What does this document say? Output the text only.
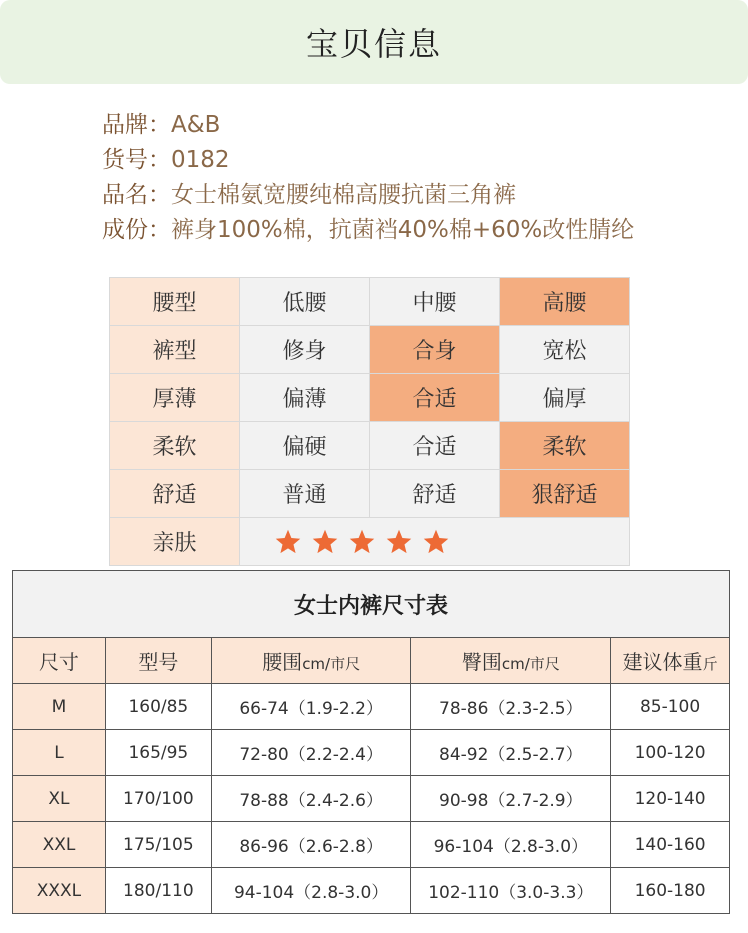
宝贝信息
品牌：A&B
货号：0182
品名：女士棉氨宽腰纯棉高腰抗菌三角裤
成份：裤身100%棉，抗菌裆40%棉+60%改性腈纶
腰型	低腰	中腰	高腰
裤型	修身	合身	宽松
厚薄	偏薄	合适	偏厚
柔软	偏硬	合适	柔软
舒适	普通	舒适	狠舒适
亲肤	
女士内裤尺寸表
尺寸	型号	腰围cm/市尺	臀围cm/市尺	建议体重斤
M	160/85	66-74（1.9-2.2）	78-86（2.3-2.5）	85-100
L	165/95	72-80（2.2-2.4）	84-92（2.5-2.7）	100-120
XL	170/100	78-88（2.4-2.6）	90-98（2.7-2.9）	120-140
XXL	175/105	86-96（2.6-2.8）	96-104（2.8-3.0）	140-160
XXXL	180/110	94-104（2.8-3.0）	102-110（3.0-3.3）	160-180
